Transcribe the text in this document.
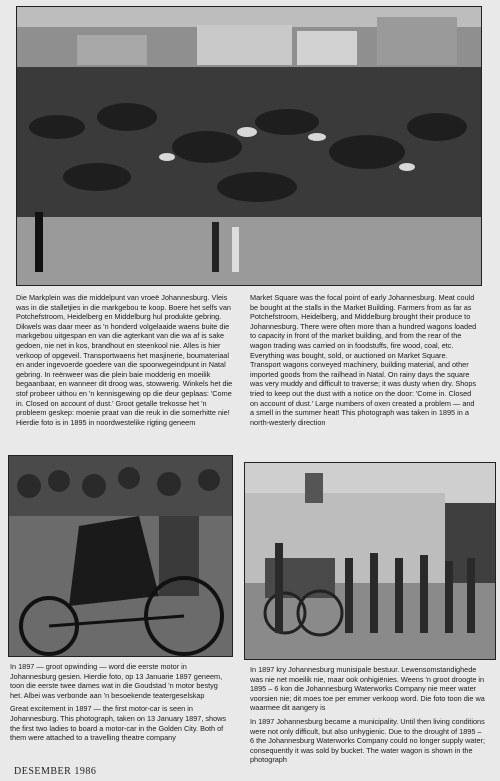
Die Markplein was die middelpunt van vroeë Johannesburg. Vleis was in die stalletjies in die markgebou te koop. Boere het selfs van Potchefstroom, Heidelberg en Middelburg hul produkte gebring. Dikwels was daar meer as 'n honderd volgelaaide waens buite die markgebou uitgespan en van die agterkant van die wa af is sake gedoen, nie net in kos, brandhout en steenkool nie. Alles is hier verkoop of opgeveil. Transportwaens het masjinerie, boumateriaal en ander ingevoerde goedere van die spoorwegeindpunt in Natal gebring. In reënweer was die plein baie modderig en moeilik begaanbaar, en wanneer dit droog was, stowwerig. Winkels het die stof probeer uithou en 'n kennisgewing op die deur geplaas: 'Come in. Closed on account of dust.' Groot getalle trekosse het 'n probleem geskep: moenie praat van die reuk in die somerhitte nie! Hierdie foto is in 1895 in noordwestelike rigting geneem

Market Square was the focal point of early Johannesburg. Meat could be bought at the stalls in the Market Building. Farmers from as far as Potchefstroom, Heidelberg, and Middelburg brought their produce to Johannesburg. There were often more than a hundred wagons loaded to capacity in front of the market building, and from the rear of the wagon trading was carried on in foodstuffs, fire wood, coal, etc. Everything was bought, sold, or auctioned on Market Square. Transport wagons conveyed machinery, building material, and other imported goods from the railhead in Natal. On rainy days the square was very muddy and difficult to traverse; it was dusty when dry. Shops tried to keep out the dust with a notice on the door: 'Come in. Closed on account of dust.' Large numbers of oxen created a problem — and a smell in the summer heat! This photograph was taken in 1895 in a north-westerly direction

In 1897 — groot opwinding — word die eerste motor in Johannesburg gesien. Hierdie foto, op 13 Januarie 1897 geneem, toon die eerste twee dames wat in die Goudstad 'n motor bestyg het. Albei was verbonde aan 'n besoekende teatergeselskap

Great excitement in 1897 — the first motor-car is seen in Johannesburg. This photograph, taken on 13 January 1897, shows the first two ladies to board a motor-car in the Golden City. Both of them were attached to a travelling theatre company

In 1897 kry Johannesburg munisipale bestuur. Lewensomstandighede was nie net moeilik nie, maar ook onhigiënies. Weens 'n groot droogte in 1895 – 6 kon die Johannesburg Waterworks Company nie meer water voorsien nie; dit moes toe per emmer verkoop word. Die foto toon die wa waarmee dit aangery is

In 1897 Johannesburg became a municipality. Until then living conditions were not only difficult, but also unhygienic. Due to the drought of 1895 – 6 the Johannesburg Waterworks Company could no longer supply water; consequently it was sold by bucket. The water wagon is shown in the photograph

DESEMBER 1986
